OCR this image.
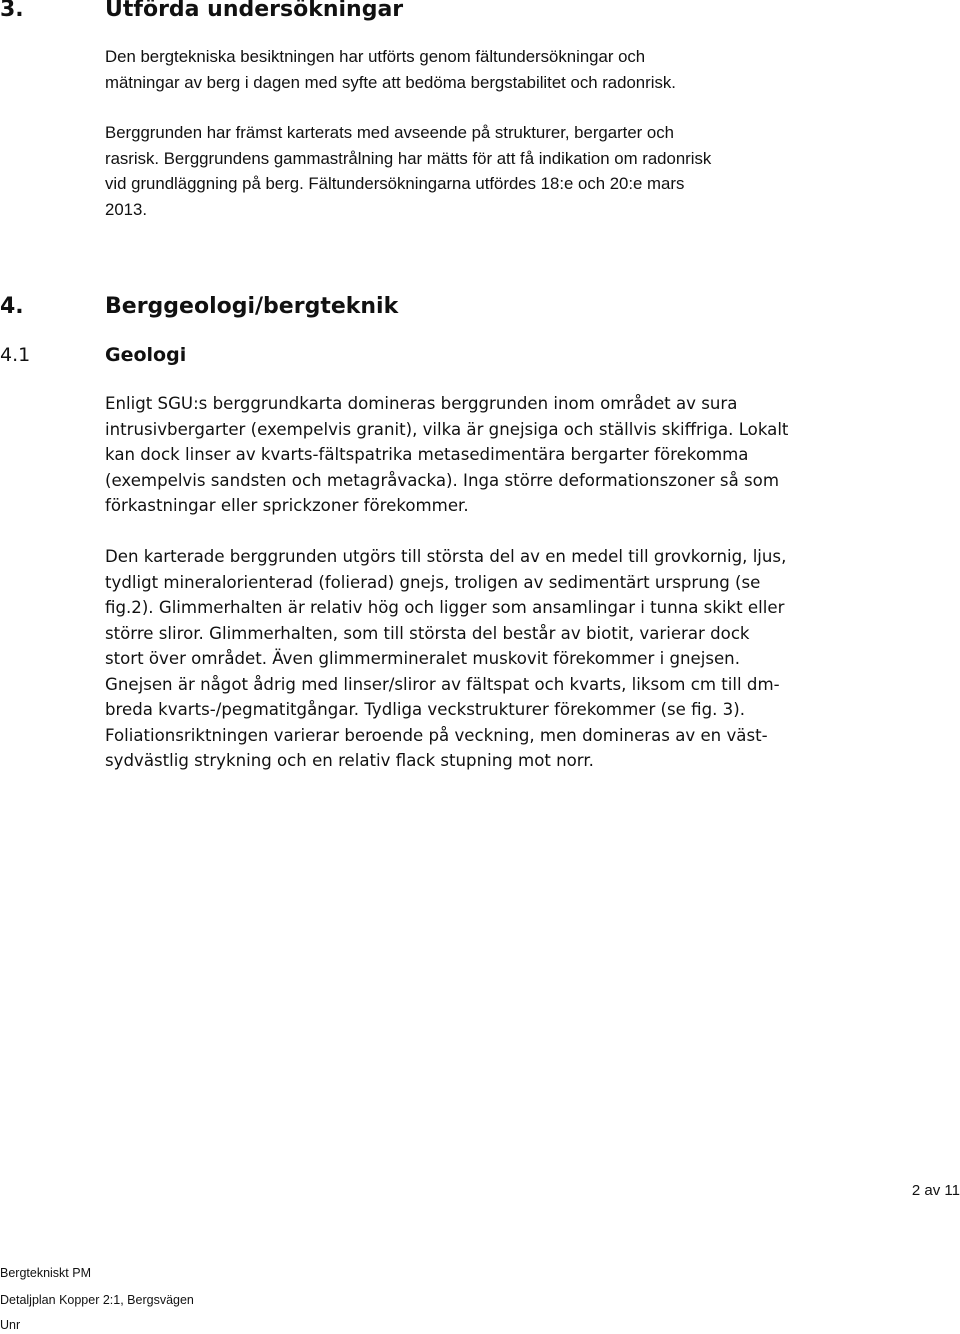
3.	Utförda undersökningar

Den bergtekniska besiktningen har utförts genom fältundersökningar och
mätningar av berg i dagen med syfte att bedöma bergstabilitet och radonrisk.

Berggrunden har främst karterats med avseende på strukturer, bergarter och
rasrisk. Berggrundens gammastrålning har mätts för att få indikation om radonrisk
vid grundläggning på berg. Fältundersökningarna utfördes 18:e och 20:e mars
2013.

4.	Berggeologi/bergteknik
4.1	Geologi

Enligt SGU:s berggrundkarta domineras berggrunden inom området av sura
intrusivbergarter (exempelvis granit), vilka är gnejsiga och ställvis skiffriga. Lokalt
kan dock linser av kvarts-fältspatrika metasedimentära bergarter förekomma
(exempelvis sandsten och metagråvacka). Inga större deformationszoner så som
förkastningar eller sprickzoner förekommer.

Den karterade berggrunden utgörs till största del av en medel till grovkornig, ljus,
tydligt mineralorienterad (folierad) gnejs, troligen av sedimentärt ursprung (se
fig.2). Glimmerhalten är relativ hög och ligger som ansamlingar i tunna skikt eller
större sliror. Glimmerhalten, som till största del består av biotit, varierar dock
stort över området. Även glimmermineralet muskovit förekommer i gnejsen.
Gnejsen är något ådrig med linser/sliror av fältspat och kvarts, liksom cm till dm-
breda kvarts-/pegmatitgångar. Tydliga veckstrukturer förekommer (se fig. 3).
Foliationsriktningen varierar beroende på veckning, men domineras av en väst-
sydvästlig strykning och en relativ flack stupning mot norr.

2 av 11
Bergtekniskt PM
Detaljplan Kopper 2:1, Bergsvägen
Unr
